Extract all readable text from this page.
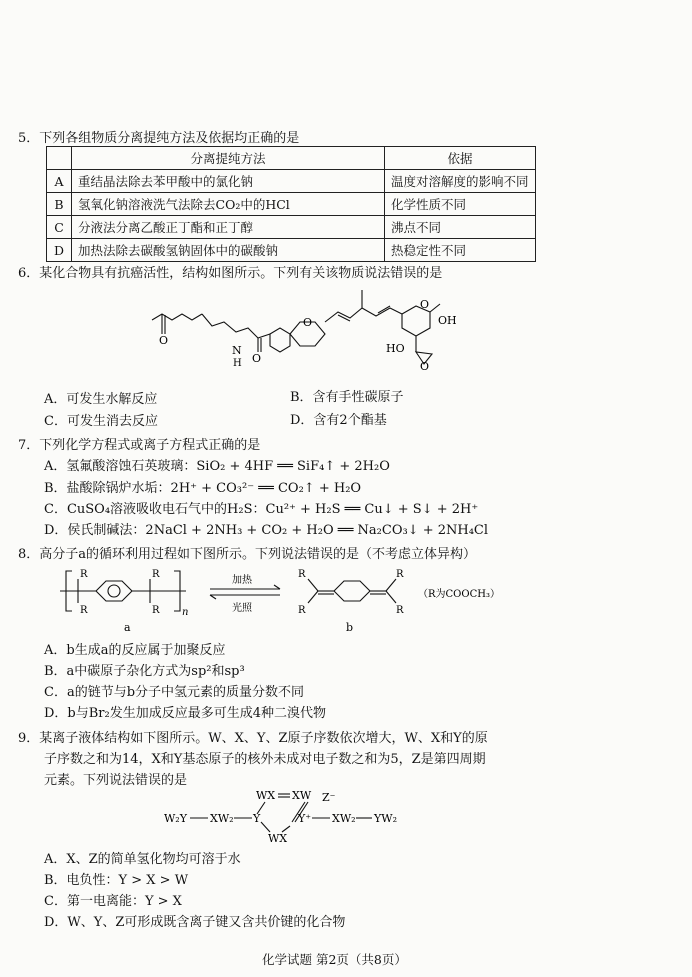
5．下列各组物质分离提纯方法及依据均正确的是
	分离提纯方法	依据
A	重结晶法除去苯甲酸中的氯化钠	温度对溶解度的影响不同
B	氢氧化钠溶液洗气法除去CO₂中的HCl	化学性质不同
C	分液法分离乙酸正丁酯和正丁醇	沸点不同
D	加热法除去碳酸氢钠固体中的碳酸钠	热稳定性不同
6．某化合物具有抗癌活性，结构如图所示。下列有关该物质说法错误的是
O
O
N
H
O
O
OH
HO
O
A．可发生水解反应	B．含有手性碳原子
C．可发生消去反应	D．含有2个酯基
7．下列化学方程式或离子方程式正确的是
A．氢氟酸溶蚀石英玻璃：SiO₂ + 4HF ══ SiF₄↑ + 2H₂O
B．盐酸除锅炉水垢：2H⁺ + CO₃²⁻ ══ CO₂↑ + H₂O
C．CuSO₄溶液吸收电石气中的H₂S：Cu²⁺ + H₂S ══ Cu↓ + S↓ + 2H⁺
D．侯氏制碱法：2NaCl + 2NH₃ + CO₂ + H₂O ══ Na₂CO₃↓ + 2NH₄Cl
8．高分子a的循环利用过程如下图所示。下列说法错误的是（不考虑立体异构）
R
R
R
R n
加热
光照
R
R
R
R
（R为COOCH₃）
a	b
A．b生成a的反应属于加聚反应
B．a中碳原子杂化方式为sp²和sp³
C．a的链节与b分子中氢元素的质量分数不同
D．b与Br₂发生加成反应最多可生成4种二溴代物
9．某离子液体结构如下图所示。W、X、Y、Z原子序数依次增大，W、X和Y的原
子序数之和为14，X和Y基态原子的核外未成对电子数之和为5，Z是第四周期
元素。下列说法错误的是
WX XW Z⁻
W₂Y XW₂ Y	Y⁺ XW₂ YW₂
WX
A．X、Z的简单氢化物均可溶于水
B．电负性：Y > X > W
C．第一电离能：Y > X
D．W、Y、Z可形成既含离子键又含共价键的化合物
化学试题 第2页（共8页）
